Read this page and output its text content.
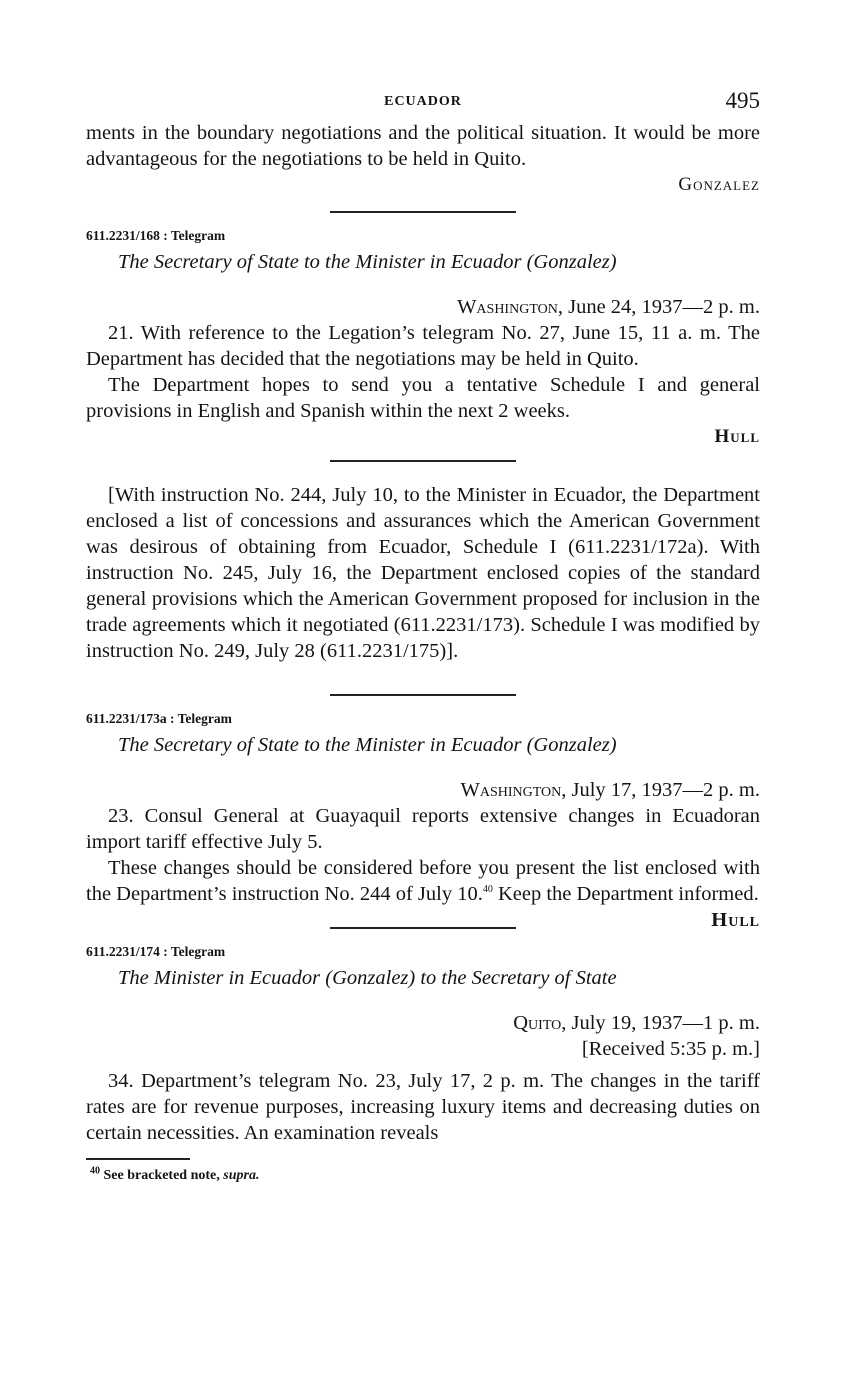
ECUADOR	495

ments in the boundary negotiations and the political situation. It would be more advantageous for the negotiations to be held in Quito.

Gonzalez

611.2231/168 : Telegram

The Secretary of State to the Minister in Ecuador (Gonzalez)

Washington, June 24, 1937—2 p. m.

21. With reference to the Legation’s telegram No. 27, June 15, 11 a. m. The Department has decided that the negotiations may be held in Quito.

The Department hopes to send you a tentative Schedule I and general provisions in English and Spanish within the next 2 weeks.

Hull

[With instruction No. 244, July 10, to the Minister in Ecuador, the Department enclosed a list of concessions and assurances which the American Government was desirous of obtaining from Ecuador, Schedule I (611.2231/172a). With instruction No. 245, July 16, the Department enclosed copies of the standard general provisions which the American Government proposed for inclusion in the trade agreements which it negotiated (611.2231/173). Schedule I was modified by instruction No. 249, July 28 (611.2231/175)].

611.2231/173a : Telegram

The Secretary of State to the Minister in Ecuador (Gonzalez)

Washington, July 17, 1937—2 p. m.

23. Consul General at Guayaquil reports extensive changes in Ecuadoran import tariff effective July 5.

These changes should be considered before you present the list enclosed with the Department’s instruction No. 244 of July 10.40 Keep the Department informed.
Hull

611.2231/174 : Telegram

The Minister in Ecuador (Gonzalez) to the Secretary of State

Quito, July 19, 1937—1 p. m.

[Received 5:35 p. m.]

34. Department’s telegram No. 23, July 17, 2 p. m. The changes in the tariff rates are for revenue purposes, increasing luxury items and decreasing duties on certain necessities. An examination reveals

$^{40}$ See bracketed note, supra.
